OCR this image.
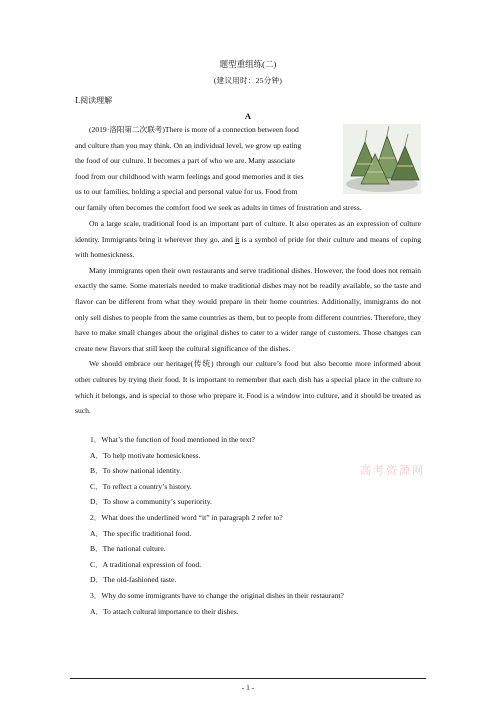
题型重组练(二)
(建议用时：25分钟)
Ⅰ.阅读理解
A
(2019·洛阳第二次联考)There is more of a connection between food
and culture than you may think. On an individual level, we grow up eating
the food of our culture. It becomes a part of who we are. Many associate
food from our childhood with warm feelings and good memories and it ties
us to our families, holding a special and personal value for us. Food from
our family often becomes the comfort food we seek as adults in times of frustration and stress.

On a large scale, traditional food is an important part of culture. It also operates as an expression of culture identity. Immigrants bring it wherever they go, and it is a symbol of pride for their culture and means of coping with homesickness.

Many immigrants open their own restaurants and serve traditional dishes. However, the food does not remain exactly the same. Some materials needed to make traditional dishes may not be readily available, so the taste and flavor can be different from what they would prepare in their home countries. Additionally, immigrants do not only sell dishes to people from the same countries as them, but to people from different countries. Therefore, they have to make small changes about the original dishes to cater to a wider range of customers. Those changes can create new flavors that still keep the cultural significance of the dishes.

We should embrace our heritage(传统) through our culture’s food but also become more informed about other cultures by trying their food. It is important to remember that each dish has a special place in the culture to which it belongs, and is special to those who prepare it. Food is a window into culture, and it should be treated as such.

1．What’s the function of food mentioned in the text?
A．To help motivate homesickness.
B．To show national identity.
C．To reflect a country’s history.
D．To show a community’s superiority.
2．What does the underlined word “it” in paragraph 2 refer to?
A．The specific traditional food.
B．The national culture.
C．A traditional expression of food.
D．The old-fashioned taste.
3．Why do some immigrants have to change the original dishes in their restaurant?
A．To attach cultural importance to their dishes.
高考资源网
- 1 -
